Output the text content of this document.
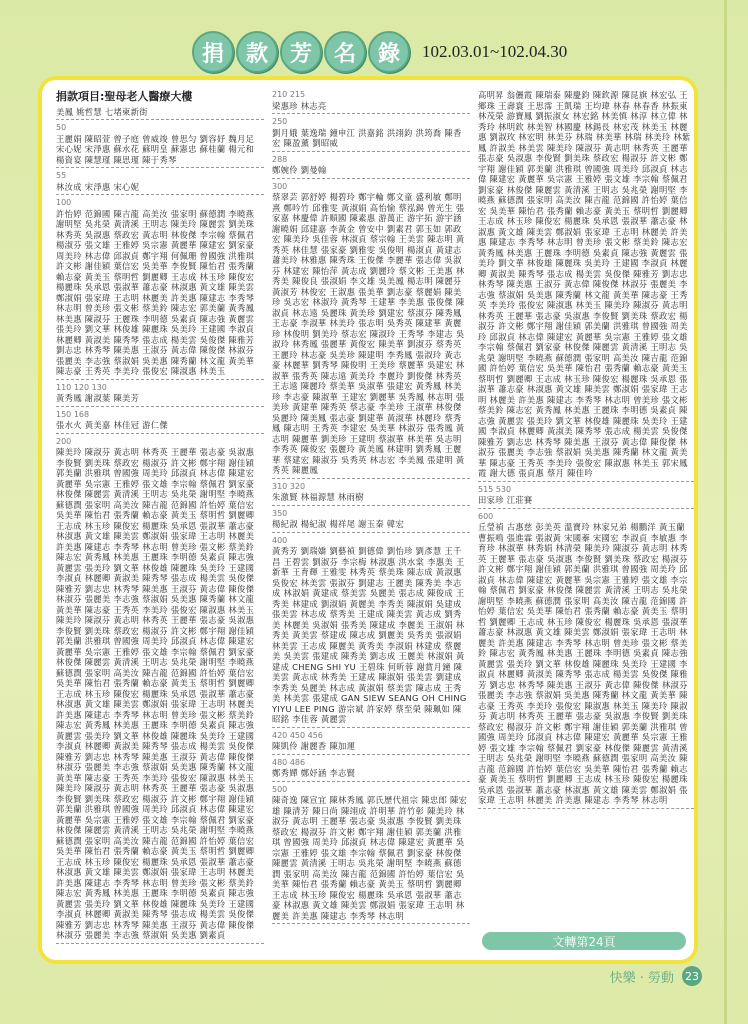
捐 款 芳 名 錄	102.03.01~102.04.30
捐款項目:聖母老人醫療大樓
美鳳 姚哲慧 七堵柬新街
50
王麗娟 陳昭萱 曾子庭 曾威竣 曾思匀 劉容妤 魏月足 宋心妮 宋淨惠 蘇水花 蘇明皇 蘇憲忠 蘇桂蘭 楊元和 楊資宴 陳慧瑾 陳思瑾 陳于秀琴
55
林汝成 宋淨惠 宋心妮
100
許怡婷 范錦國 陳吉龍 高美汝 張家明 蘇德潤 李曉燕 謝明堅 吳兆榮 黃清溪 王明志 陳美玲 陳麗雲 劉美珠 林秀英 吳淑惠 蔡政宏 黃志明 林俊傑 李宗翰 蔡佩君 楊淑芬 張文雄 王雅婷 吳宗憲 黃麗華 陳建宏 劉家豪 周美玲 林志偉 邱淑貞 鄭宇翔 何佩珊 曾國強 洪雅琪 許文彬 謝佳穎 葉信宏 吳美華 李俊賢 陳怡君 張秀蘭 賴志豪 黃美玉 蔡明哲 劉麗卿 王志成 林玉珍 陳俊宏 楊麗珠 吳承恩 張淑華 蕭志豪 林淑惠 黃文雄 陳美雲 鄭淑娟 張家瑋 王志明 林麗美 許美惠 陳建志 李秀琴 林志明 曾美珍 張文彬 蔡美鈴 陳志宏 郭美蘭 黃秀鳳 林美惠 陳淑芬 王麗珠 李明德 吳素貞 陳志強 黃麗雲 張美玲 劉文華 林俊雄 陳麗珠 吳美玲 王建國 李淑貞 林麗卿 黃淑美 陳秀琴 張志成 楊美雲 吳俊傑 陳雅芳 劉志忠 林秀琴 陳美惠 王淑芬 黃志偉 陳俊傑 林淑芬 張麗美 李志強 蔡淑娟 吳美惠 陳秀蘭 林文龍 黃美華 陳志豪 王秀英 李美玲 張俊宏 陳淑惠 林美玉
110 120 130
黃秀鳳 謝淑葉 陳美芳
150 168
張水火 黃美嘉 林佳冠 游仁傑
200
陳美玲 陳淑芬 黃志明 林秀英 王麗華 張志豪 吳淑惠 李俊賢 劉美珠 蔡政宏 楊淑芬 許文彬 鄭宇翔 謝佳穎 郭美蘭 洪雅琪 曾國強 周美玲 邱淑貞 林志偉 陳建宏 黃麗華 吳宗憲 王雅婷 張文雄 李宗翰 蔡佩君 劉家豪 林俊傑 陳麗雲 黃清溪 王明志 吳兆榮 謝明堅 李曉燕 蘇德潤 張家明 高美汝 陳吉龍 范錦國 許怡婷 葉信宏 吳美華 陳怡君 張秀蘭 賴志豪 黃美玉 蔡明哲 劉麗卿 王志成 林玉珍 陳俊宏 楊麗珠 吳承恩 張淑華 蕭志豪 林淑惠 黃文雄 陳美雲 鄭淑娟 張家瑋 王志明 林麗美 許美惠 陳建志 李秀琴 林志明 曾美珍 張文彬 蔡美鈴 陳志宏 黃秀鳳 林美惠 王麗珠 李明德 吳素貞 陳志強 黃麗雲 張美玲 劉文華 林俊雄 陳麗珠 吳美玲 王建國 李淑貞 林麗卿 黃淑美 陳秀琴 張志成 楊美雲 吳俊傑 陳雅芳 劉志忠 林秀琴 陳美惠 王淑芬 黃志偉 陳俊傑 林淑芬 張麗美 李志強 蔡淑娟 吳美惠 陳秀蘭 林文龍 黃美華 陳志豪 王秀英 李美玲 張俊宏 陳淑惠 林美玉 陳美玲 陳淑芬 黃志明 林秀英 王麗華 張志豪 吳淑惠 李俊賢 劉美珠 蔡政宏 楊淑芬 許文彬 鄭宇翔 謝佳穎 郭美蘭 洪雅琪 曾國強 周美玲 邱淑貞 林志偉 陳建宏 黃麗華 吳宗憲 王雅婷 張文雄 李宗翰 蔡佩君 劉家豪 林俊傑 陳麗雲 黃清溪 王明志 吳兆榮 謝明堅 李曉燕 蘇德潤 張家明 高美汝 陳吉龍 范錦國 許怡婷 葉信宏 吳美華 陳怡君 張秀蘭 賴志豪 黃美玉 蔡明哲 劉麗卿 王志成 林玉珍 陳俊宏 楊麗珠 吳承恩 張淑華 蕭志豪 林淑惠 黃文雄 陳美雲 鄭淑娟 張家瑋 王志明 林麗美 許美惠 陳建志 李秀琴 林志明 曾美珍 張文彬 蔡美鈴 陳志宏 黃秀鳳 林美惠 王麗珠 李明德 吳素貞 陳志強 黃麗雲 張美玲 劉文華 林俊雄 陳麗珠 吳美玲 王建國 李淑貞 林麗卿 黃淑美 陳秀琴 張志成 楊美雲 吳俊傑 陳雅芳 劉志忠 林秀琴 陳美惠 王淑芬 黃志偉 陳俊傑 林淑芬 張麗美 李志強 蔡淑娟 吳美惠 陳秀蘭 林文龍 黃美華 陳志豪 王秀英 李美玲 張俊宏 陳淑惠 林美玉 陳美玲 陳淑芬 黃志明 林秀英 王麗華 張志豪 吳淑惠 李俊賢 劉美珠 蔡政宏 楊淑芬 許文彬 鄭宇翔 謝佳穎 郭美蘭 洪雅琪 曾國強 周美玲 邱淑貞 林志偉 陳建宏 黃麗華 吳宗憲 王雅婷 張文雄 李宗翰 蔡佩君 劉家豪 林俊傑 陳麗雲 黃清溪 王明志 吳兆榮 謝明堅 李曉燕 蘇德潤 張家明 高美汝 陳吉龍 范錦國 許怡婷 葉信宏 吳美華 陳怡君 張秀蘭 賴志豪 黃美玉 蔡明哲 劉麗卿 王志成 林玉珍 陳俊宏 楊麗珠 吳承恩 張淑華 蕭志豪 林淑惠 黃文雄 陳美雲 鄭淑娟 張家瑋 王志明 林麗美 許美惠 陳建志 李秀琴 林志明 曾美珍 張文彬 蔡美鈴 陳志宏 黃秀鳳 林美惠 王麗珠 李明德 吳素貞 陳志強 黃麗雲 張美玲 劉文華 林俊雄 陳麗珠 吳美玲 王建國 李淑貞 林麗卿 黃淑美 陳秀琴 張志成 楊美雲 吳俊傑 陳雅芳 劉志忠 林秀琴 陳美惠 王淑芬 黃志偉 陳俊傑 林淑芬 張麗美 李志強 蔡淑娟 吳美惠 劉素貞
210 215
梁惠珍 林志亮
250
劉月娥 葉逸瑞 鐘申江 洪嘉銘 洪翊鈞 洪筠喬 陳香宏 陳盈薰 劉昭威
288
鄭婉伶 劉曼翰
300
蔡翠芸 郭舒婷 楊碧玲 鄭宇輪 鄭文童 盛利敏 鄭明熹 鄭吟竹 邱雅雯 黃淑娟 高怡愉 蔡泓錫 曾光生 張家嘉 林慶偉 許順國 陳素惠 游萬正 游宇拓 游宇涵 謝曉娟 邱建嘉 李黃金 曾安中 劉素君 郭玉如 郭政宏 陳美玲 吳佳蓉 林淑貞 蔡宗翰 王美雲 陳志明 黃秀英 林佳慧 張家豪 劉雅雯 吳俊明 楊淑貞 黃建志 蕭美玲 林雅惠 陳秀珠 王俊傑 李麗華 張志偉 吳淑芬 林建宏 陳怡萍 黃志成 劉麗玲 蔡文彬 王美惠 林秀美 陳俊良 張淑娟 李文雄 吳美鳳 楊志明 陳麗芬 黃淑芳 林俊宏 王淑惠 張美華 劉志豪 蔡麗娟 陳美珍 吳志宏 林淑玲 黃秀琴 王建華 李美惠 張俊傑 陳淑貞 林志遠 吳麗珠 黃美珍 劉建宏 蔡淑芬 陳秀鳳 王志豪 李淑華 林美玲 張志明 吳秀英 陳建華 黃麗珍 林俊明 劉美玲 蔡志宏 陳淑玲 王秀琴 李建志 吳淑玲 林秀鳳 張麗華 黃俊宏 陳美華 劉淑芬 蔡秀英 王麗玲 林志豪 吳美珍 陳建明 李秀鳳 張淑玲 黃志豪 林麗華 劉秀琴 陳俊明 王美珍 蔡麗華 吳建宏 林淑華 張秀英 陳志遠 黃美玲 李麗玲 劉俊傑 林秀英 王志遠 陳麗玲 蔡美華 吳淑華 張建宏 黃秀鳳 林美珍 李志豪 陳淑華 王建宏 劉麗華 吳秀鳳 林志明 張美珍 黃建華 陳秀英 蔡志豪 李美珍 王淑華 林俊傑 吳麗玲 陳美鳳 張志豪 劉建華 黃淑華 林麗玲 蔡秀鳳 陳志明 王秀英 李建宏 吳美華 林淑芬 張秀鳳 黃志明 陳麗華 劉美珍 王建明 蔡淑華 林美華 吳志明 李秀英 陳俊宏 張麗玲 黃美鳳 林建明 劉秀鳳 王麗華 蔡建宏 陳淑芬 吳秀英 林志宏 李美鳳 張建明 黃秀英 陳麗鳳
310 320
朱激賢 林福源慧 林雨樹
350
楊紀淑 楊紀淑 楊祥尾 謝玉秦 韓宏
400
黃秀芳 劉瑞嬌 劉藝禎 劉德偉 劉怡珍 劉彥慧 王千昌 王碧雲 劉淑芬 李宗梅 林淑惠 洪水棠 李惠美 王新華 王育輝 王雅雯 林秀英 蔡美珠 陳志成 黃淑惠 吳俊宏 林美雲 張淑芬 劉建志 王麗美 陳秀美 李志成 林淑娟 黃建成 蔡美雲 吳麗美 張志成 陳俊成 王秀美 林建成 劉淑娟 黃麗美 李秀美 陳淑娟 吳建成 張美雲 林志成 蔡秀美 王建成 陳美雲 黃志成 劉秀美 林麗美 吳淑娟 張秀美 陳建成 李麗美 王淑娟 林秀美 黃美雲 蔡建成 陳志成 劉麗美 吳秀美 張淑娟 林美雲 王志成 陳麗美 黃秀美 李淑娟 林建成 蔡麗美 吳美雲 張建成 陳秀美 劉志成 王麗美 林淑娟 黃建成 CHENG SHI YU 王碧珠 何昕蓉 謝賞月鐘 陳美雲 黃志成 林秀美 王建成 陳淑娟 張美雲 劉建成 李秀美 吳麗美 林志成 黃淑娟 蔡美雲 陳志成 王秀美 林美雲 張建成 GAN SIEW SEANG OH CHING YIYU LEE PING 游宗斌 許家婷 蔡至榮 陳珮如 陳昭銘 李佳蓉 黃麗雲
420 450 456
陳凱伶 謝麗香 陳加運
480 486
鄭秀嬋 鄭妤涵 李志賢
500
陳奇逸 陳宣宜 陳林秀鳳 郭氏歷代祖宗 陳忠郎 陳宏雄 陳清芳 陳日尚 陳翊成 許明華 許竹彰 陳美玲 林淑芬 黃志明 王麗華 張志豪 吳淑惠 李俊賢 劉美珠 蔡政宏 楊淑芬 許文彬 鄭宇翔 謝佳穎 郭美蘭 洪雅琪 曾國強 周美玲 邱淑貞 林志偉 陳建宏 黃麗華 吳宗憲 王雅婷 張文雄 李宗翰 蔡佩君 劉家豪 林俊傑 陳麗雲 黃清溪 王明志 吳兆榮 謝明堅 李曉燕 蘇德潤 張家明 高美汝 陳吉龍 范錦國 許怡婷 葉信宏 吳美華 陳怡君 張秀蘭 賴志豪 黃美玉 蔡明哲 劉麗卿 王志成 林玉珍 陳俊宏 楊麗珠 吳承恩 張淑華 蕭志豪 林淑惠 黃文雄 陳美雲 鄭淑娟 張家瑋 王志明 林麗美 許美惠 陳建志 李秀琴 林志明
高明昇 翁儷霞 陳瑞泰 陳慶鈞 陳欽源 陳昆旗 林宏弘 王鄉珠 王壽寰 王思霈 王凱瑞 王均瑋 林春 林春香 林振東 林茂榮 游寶鳳 劉振淑女 林宏銘 林美慎 林淳 林立偉 林秀玲 林明欽 林美智 林國慶 林錫長 林宏茂 林美玉 林麗惠 劉淑玫 林宏明 林美芬 林瑞 林美華 林瑞 林美玲 林紫鳳 許淑美 林美雲 陳美玲 陳淑芬 黃志明 林秀英 王麗華 張志豪 吳淑惠 李俊賢 劉美珠 蔡政宏 楊淑芬 許文彬 鄭宇翔 謝佳穎 郭美蘭 洪雅琪 曾國強 周美玲 邱淑貞 林志偉 陳建宏 黃麗華 吳宗憲 王雅婷 張文雄 李宗翰 蔡佩君 劉家豪 林俊傑 陳麗雲 黃清溪 王明志 吳兆榮 謝明堅 李曉燕 蘇德潤 張家明 高美汝 陳吉龍 范錦國 許怡婷 葉信宏 吳美華 陳怡君 張秀蘭 賴志豪 黃美玉 蔡明哲 劉麗卿 王志成 林玉珍 陳俊宏 楊麗珠 吳承恩 張淑華 蕭志豪 林淑惠 黃文雄 陳美雲 鄭淑娟 張家瑋 王志明 林麗美 許美惠 陳建志 李秀琴 林志明 曾美珍 張文彬 蔡美鈴 陳志宏 黃秀鳳 林美惠 王麗珠 李明德 吳素貞 陳志強 黃麗雲 張美玲 劉文華 林俊雄 陳麗珠 吳美玲 王建國 李淑貞 林麗卿 黃淑美 陳秀琴 張志成 楊美雲 吳俊傑 陳雅芳 劉志忠 林秀琴 陳美惠 王淑芬 黃志偉 陳俊傑 林淑芬 張麗美 李志強 蔡淑娟 吳美惠 陳秀蘭 林文龍 黃美華 陳志豪 王秀英 李美玲 張俊宏 陳淑惠 林美玉 陳美玲 陳淑芬 黃志明 林秀英 王麗華 張志豪 吳淑惠 李俊賢 劉美珠 蔡政宏 楊淑芬 許文彬 鄭宇翔 謝佳穎 郭美蘭 洪雅琪 曾國強 周美玲 邱淑貞 林志偉 陳建宏 黃麗華 吳宗憲 王雅婷 張文雄 李宗翰 蔡佩君 劉家豪 林俊傑 陳麗雲 黃清溪 王明志 吳兆榮 謝明堅 李曉燕 蘇德潤 張家明 高美汝 陳吉龍 范錦國 許怡婷 葉信宏 吳美華 陳怡君 張秀蘭 賴志豪 黃美玉 蔡明哲 劉麗卿 王志成 林玉珍 陳俊宏 楊麗珠 吳承恩 張淑華 蕭志豪 林淑惠 黃文雄 陳美雲 鄭淑娟 張家瑋 王志明 林麗美 許美惠 陳建志 李秀琴 林志明 曾美珍 張文彬 蔡美鈴 陳志宏 黃秀鳳 林美惠 王麗珠 李明德 吳素貞 陳志強 黃麗雲 張美玲 劉文華 林俊雄 陳麗珠 吳美玲 王建國 李淑貞 林麗卿 黃淑美 陳秀琴 張志成 楊美雲 吳俊傑 陳雅芳 劉志忠 林秀琴 陳美惠 王淑芬 黃志偉 陳俊傑 林淑芬 張麗美 李志強 蔡淑娟 吳美惠 陳秀蘭 林文龍 黃美華 陳志豪 王秀英 李美玲 張俊宏 陳淑惠 林美玉 郭宋鳳霞 謝大德 張貞惠 蔡月 陳佳吟
515 530
田家珍 江莊賽
600
丘瑩禎 古惠慈 彭美英 溫寶玲 林家兄弟 楊鵬洋 黃玉蘭 曹振鳴 張進霖 張淑黃 宋國蓁 宋國宏 李淑貞 李敏惠 李育珍 林淑華 林秀娟 林清榮 陳美玲 陳淑芬 黃志明 林秀英 王麗華 張志豪 吳淑惠 李俊賢 劉美珠 蔡政宏 楊淑芬 許文彬 鄭宇翔 謝佳穎 郭美蘭 洪雅琪 曾國強 周美玲 邱淑貞 林志偉 陳建宏 黃麗華 吳宗憲 王雅婷 張文雄 李宗翰 蔡佩君 劉家豪 林俊傑 陳麗雲 黃清溪 王明志 吳兆榮 謝明堅 李曉燕 蘇德潤 張家明 高美汝 陳吉龍 范錦國 許怡婷 葉信宏 吳美華 陳怡君 張秀蘭 賴志豪 黃美玉 蔡明哲 劉麗卿 王志成 林玉珍 陳俊宏 楊麗珠 吳承恩 張淑華 蕭志豪 林淑惠 黃文雄 陳美雲 鄭淑娟 張家瑋 王志明 林麗美 許美惠 陳建志 李秀琴 林志明 曾美珍 張文彬 蔡美鈴 陳志宏 黃秀鳳 林美惠 王麗珠 李明德 吳素貞 陳志強 黃麗雲 張美玲 劉文華 林俊雄 陳麗珠 吳美玲 王建國 李淑貞 林麗卿 黃淑美 陳秀琴 張志成 楊美雲 吳俊傑 陳雅芳 劉志忠 林秀琴 陳美惠 王淑芬 黃志偉 陳俊傑 林淑芬 張麗美 李志強 蔡淑娟 吳美惠 陳秀蘭 林文龍 黃美華 陳志豪 王秀英 李美玲 張俊宏 陳淑惠 林美玉 陳美玲 陳淑芬 黃志明 林秀英 王麗華 張志豪 吳淑惠 李俊賢 劉美珠 蔡政宏 楊淑芬 許文彬 鄭宇翔 謝佳穎 郭美蘭 洪雅琪 曾國強 周美玲 邱淑貞 林志偉 陳建宏 黃麗華 吳宗憲 王雅婷 張文雄 李宗翰 蔡佩君 劉家豪 林俊傑 陳麗雲 黃清溪 王明志 吳兆榮 謝明堅 李曉燕 蘇德潤 張家明 高美汝 陳吉龍 范錦國 許怡婷 葉信宏 吳美華 陳怡君 張秀蘭 賴志豪 黃美玉 蔡明哲 劉麗卿 王志成 林玉珍 陳俊宏 楊麗珠 吳承恩 張淑華 蕭志豪 林淑惠 黃文雄 陳美雲 鄭淑娟 張家瑋 王志明 林麗美 許美惠 陳建志 李秀琴 林志明
文轉第24頁
快樂 · 勞動 23
